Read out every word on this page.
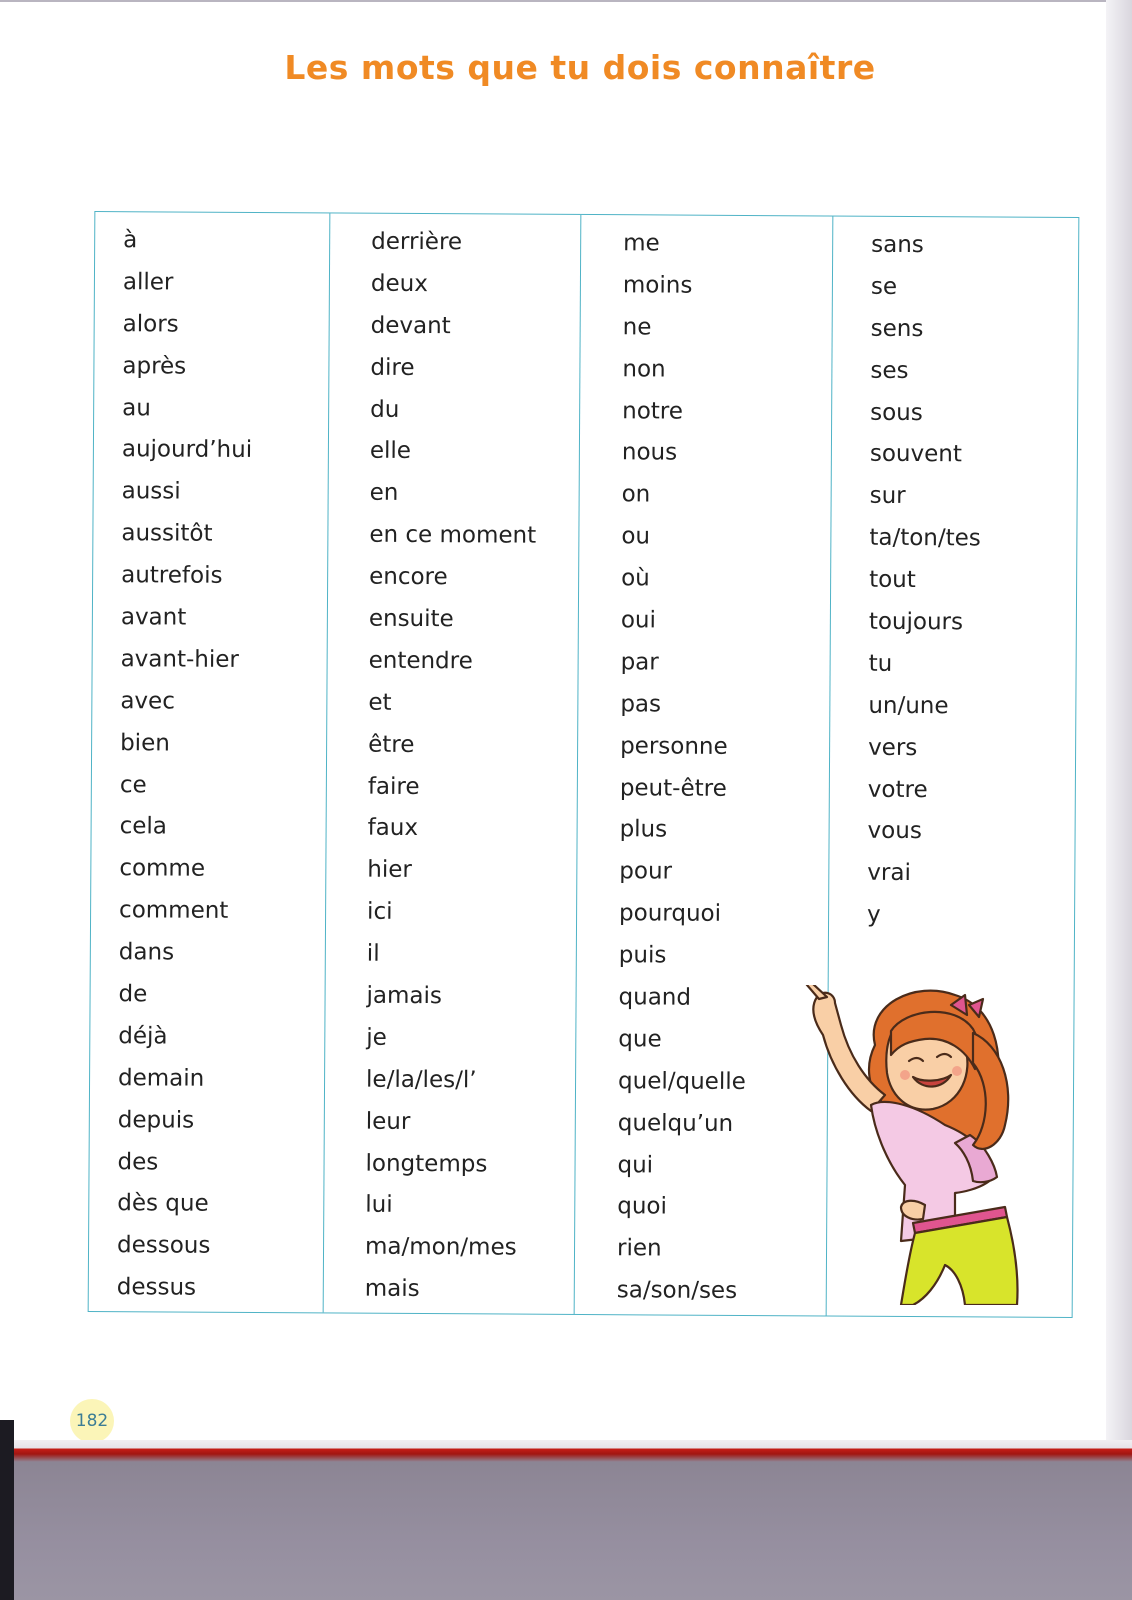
Les mots que tu dois connaître
à
aller
alors
après
au
aujourd’hui
aussi
aussitôt
autrefois
avant
avant-hier
avec
bien
ce
cela
comme
comment
dans
de
déjà
demain
depuis
des
dès que
dessous
dessus
derrière
deux
devant
dire
du
elle
en
en ce moment
encore
ensuite
entendre
et
être
faire
faux
hier
ici
il
jamais
je
le/la/les/l’
leur
longtemps
lui
ma/mon/mes
mais
me
moins
ne
non
notre
nous
on
ou
où
oui
par
pas
personne
peut-être
plus
pour
pourquoi
puis
quand
que
quel/quelle
quelqu’un
qui
quoi
rien
sa/son/ses
sans
se
sens
ses
sous
souvent
sur
ta/ton/tes
tout
toujours
tu
un/une
vers
votre
vous
vrai
y
182
